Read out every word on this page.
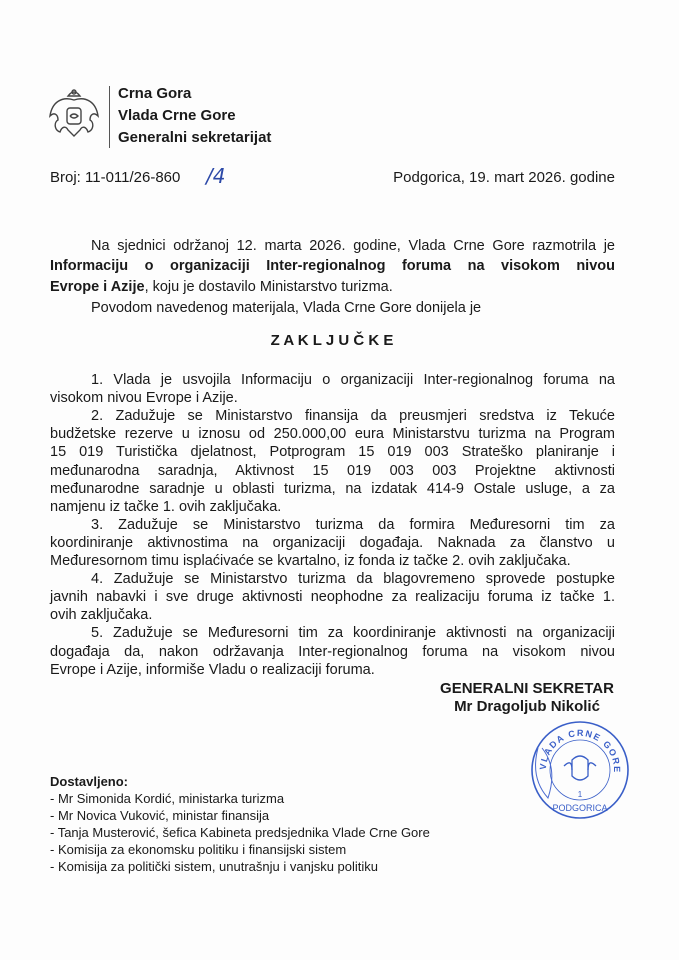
Crna Gora
Vlada Crne Gore
Generalni sekretarijat
Broj: 11-011/26-860 /4	Podgorica, 19. mart 2026. godine
Na sjednici održanoj 12. marta 2026. godine, Vlada Crne Gore razmotrila je
Informaciju o organizaciji Inter-regionalnog foruma na visokom nivou
Evrope i Azije, koju je dostavilo Ministarstvo turizma.
Povodom navedenog materijala, Vlada Crne Gore donijela je
Z A K L J U Č K E
1. Vlada je usvojila Informaciju o organizaciji Inter-regionalnog foruma na
visokom nivou Evrope i Azije.
2. Zadužuje se Ministarstvo finansija da preusmjeri sredstva iz Tekuće
budžetske rezerve u iznosu od 250.000,00 eura Ministarstvu turizma na Program
15 019 Turistička djelatnost, Potprogram 15 019 003 Strateško planiranje i
međunarodna saradnja, Aktivnost 15 019 003 003 Projektne aktivnosti
međunarodne saradnje u oblasti turizma, na izdatak 414-9 Ostale usluge, a za
namjenu iz tačke 1. ovih zaključaka.
3. Zadužuje se Ministarstvo turizma da formira Međuresorni tim za
koordiniranje aktivnostima na organizaciji događaja. Naknada za članstvo u
Međuresornom timu isplaćivaće se kvartalno, iz fonda iz tačke 2. ovih zaključaka.
4. Zadužuje se Ministarstvo turizma da blagovremeno sprovede postupke
javnih nabavki i sve druge aktivnosti neophodne za realizaciju foruma iz tačke 1.
ovih zaključaka.
5. Zadužuje se Međuresorni tim za koordiniranje aktivnosti na organizaciji
događaja da, nakon održavanja Inter-regionalnog foruma na visokom nivou
Evrope i Azije, informiše Vladu o realizaciji foruma.
GENERALNI SEKRETAR
Mr Dragoljub Nikolić
VLADA CRNE GORE
1
PODGORICA
Dostavljeno:
- Mr Simonida Kordić, ministarka turizma
- Mr Novica Vuković, ministar finansija
- Tanja Musterović, šefica Kabineta predsjednika Vlade Crne Gore
- Komisija za ekonomsku politiku i finansijski sistem
- Komisija za politički sistem, unutrašnju i vanjsku politiku
